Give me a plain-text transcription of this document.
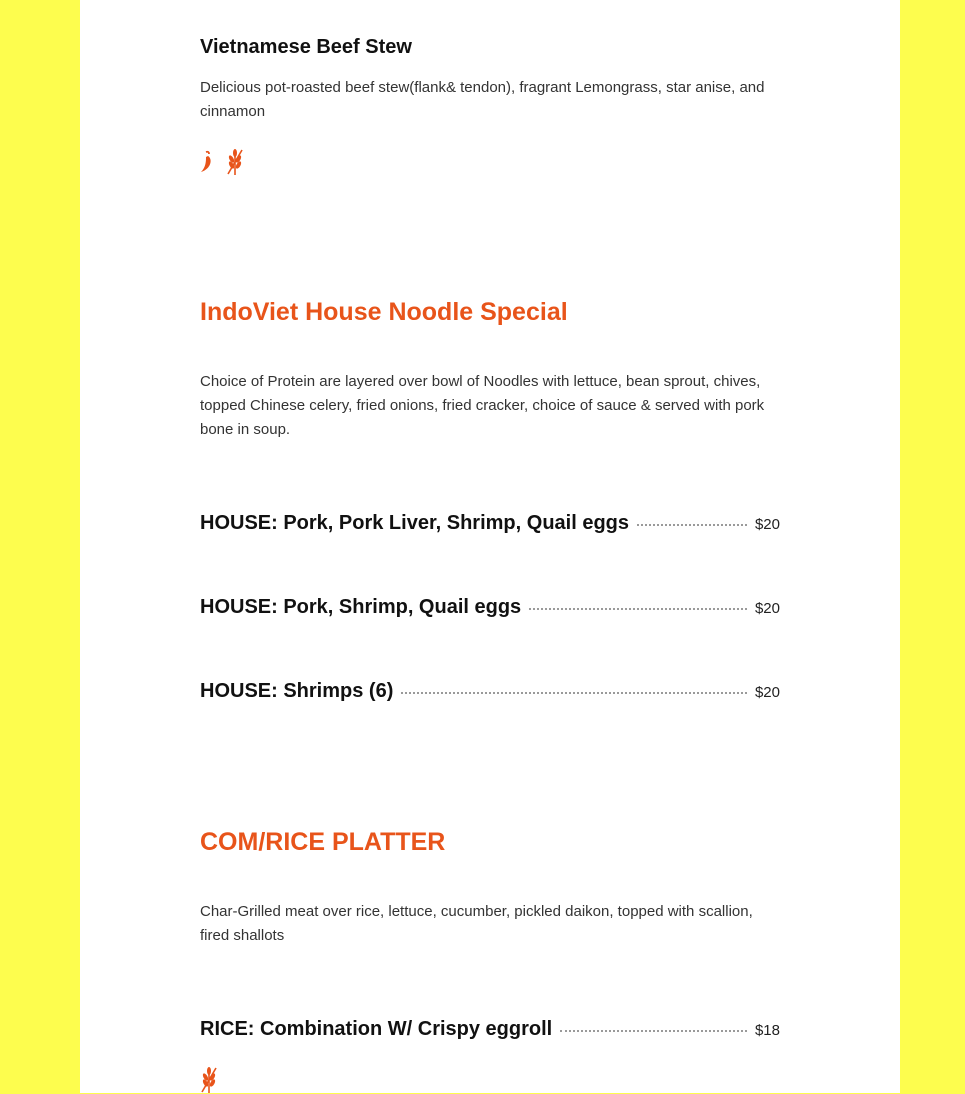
Vietnamese Beef Stew
Delicious pot-roasted beef stew(flank& tendon), fragrant Lemongrass, star anise, and cinnamon
IndoViet House Noodle Special
Choice of Protein are layered over bowl of Noodles with lettuce, bean sprout, chives, topped Chinese celery, fried onions, fried cracker, choice of sauce & served with pork bone in soup.
HOUSE: Pork, Pork Liver, Shrimp, Quail eggs	$20
HOUSE: Pork, Shrimp, Quail eggs	$20
HOUSE: Shrimps (6)	$20
COM/RICE PLATTER
Char-Grilled meat over rice, lettuce, cucumber, pickled daikon, topped with scallion, fired shallots
RICE: Combination W/ Crispy eggroll	$18
